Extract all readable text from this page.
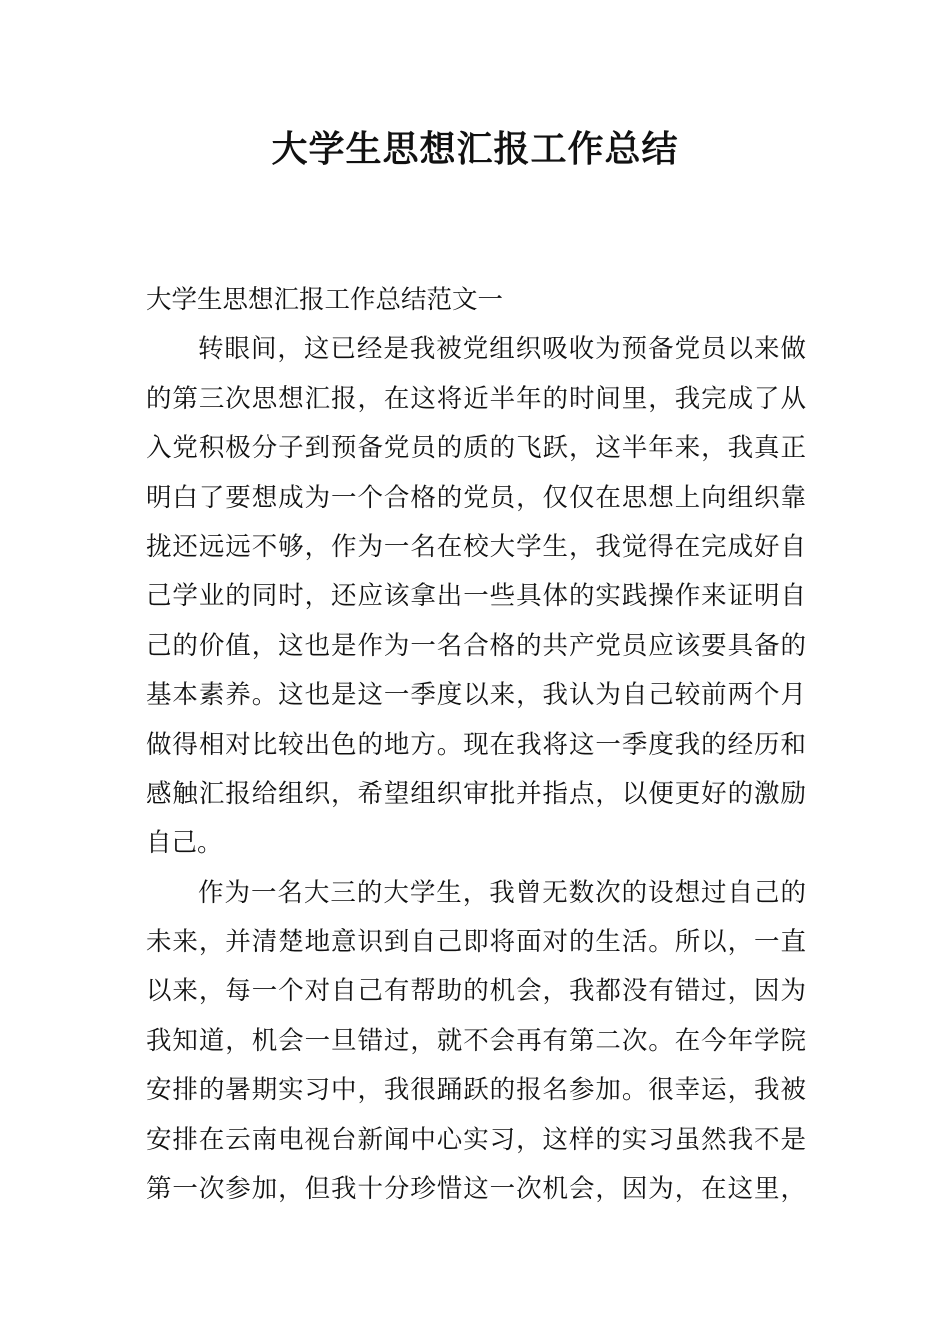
大学生思想汇报工作总结
大学生思想汇报工作总结范文一
转眼间，这已经是我被党组织吸收为预备党员以来做
的第三次思想汇报，在这将近半年的时间里，我完成了从
入党积极分子到预备党员的质的飞跃，这半年来，我真正
明白了要想成为一个合格的党员，仅仅在思想上向组织靠
拢还远远不够，作为一名在校大学生，我觉得在完成好自
己学业的同时，还应该拿出一些具体的实践操作来证明自
己的价值，这也是作为一名合格的共产党员应该要具备的
基本素养。这也是这一季度以来，我认为自己较前两个月
做得相对比较出色的地方。现在我将这一季度我的经历和
感触汇报给组织，希望组织审批并指点，以便更好的激励
自己。
作为一名大三的大学生，我曾无数次的设想过自己的
未来，并清楚地意识到自己即将面对的生活。所以，一直
以来，每一个对自己有帮助的机会，我都没有错过，因为
我知道，机会一旦错过，就不会再有第二次。在今年学院
安排的暑期实习中，我很踊跃的报名参加。很幸运，我被
安排在云南电视台新闻中心实习，这样的实习虽然我不是
第一次参加，但我十分珍惜这一次机会，因为，在这里，
